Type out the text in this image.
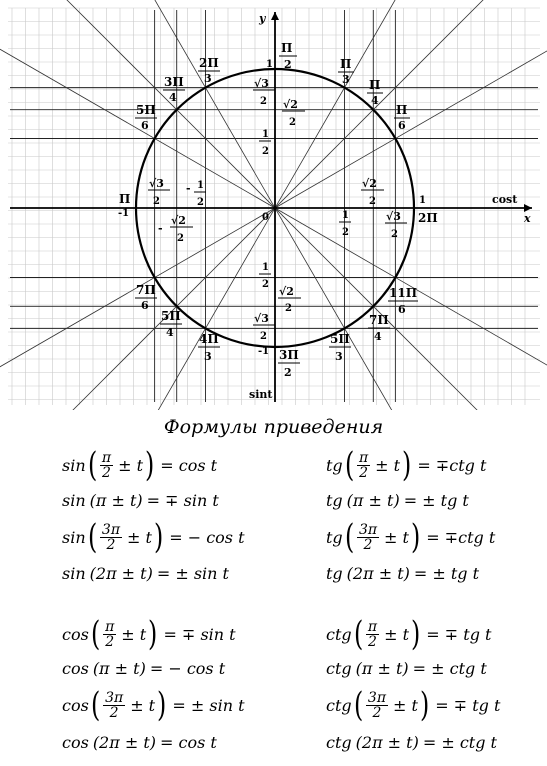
y
x
cost
sint
0
Π
2	Π
3 Π
4
Π
6
2Π
3
3Π
4
5Π
6
Π
2Π
7Π
6
5Π
4 4Π
3	3Π
2
5Π
3
7Π
4
11Π
6
1
√3
2 √2
2
1
2
1
2
√2
2
√3
2
-1
1
-1	1
2
√2
2
√3
2
√3
2
- 1
2
-
√2
2
Формулы приведения
sin ( $\frac{\pi}{2} \pm t$ ) = cos t
sin (π ± t) = ∓ sin t
sin ( $\frac{3\pi}{2} \pm t$ ) = − cos t
sin (2π ± t) = ± sin t
tg ( $\frac{\pi}{2} \pm t$ ) = ∓ctg t
tg (π ± t) = ± tg t
tg ( $\frac{3\pi}{2} \pm t$ ) = ∓ctg t
tg (2π ± t) = ± tg t
cos ( $\frac{\pi}{2} \pm t$ ) = ∓ sin t
cos (π ± t) = − cos t
cos ( $\frac{3\pi}{2} \pm t$ ) = ± sin t
cos (2π ± t) = cos t
ctg ( $\frac{\pi}{2} \pm t$ ) = ∓ tg t
ctg (π ± t) = ± ctg t
ctg ( $\frac{3\pi}{2} \pm t$ ) = ∓ tg t
ctg (2π ± t) = ± ctg t
